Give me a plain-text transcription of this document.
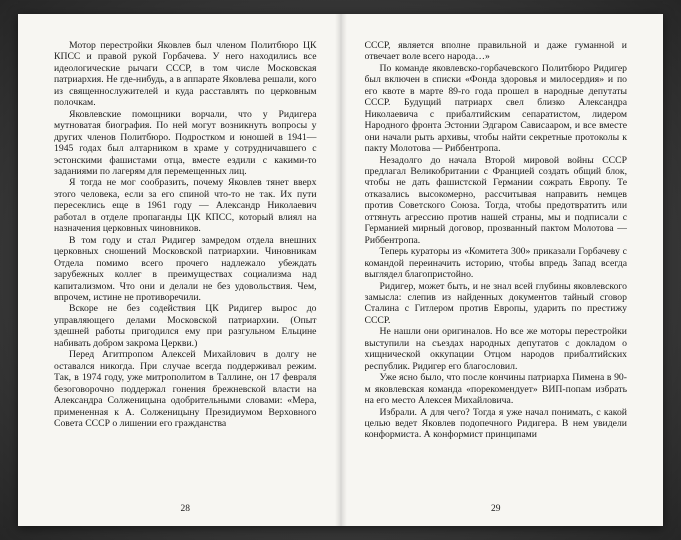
Мотор перестройки Яковлев был членом Политбюро ЦК КПСС и правой рукой Горбачева. У него находились все идеологические рычаги СССР, в том числе Московская патриархия. Не где-нибудь, а в аппарате Яковлева решали, кого из священнослужителей и куда расставлять по церковным полочкам.

Яковлевские помощники ворчали, что у Ридигера мутноватая биография. По ней могут возникнуть вопросы у других членов Политбюро. Подростком и юношей в 1941—1945 годах был алтарником в храме у сотрудничавшего с эстонскими фашистами отца, вместе ездили с какими-то заданиями по лагерям для перемещенных лиц.

Я тогда не мог сообразить, почему Яковлев тянет вверх этого человека, если за его спиной что-то не так. Их пути пересеклись еще в 1961 году — Александр Николаевич работал в отделе пропаганды ЦК КПСС, который влиял на назначения церковных чиновников.

В том году и стал Ридигер замредом отдела внешних церковных сношений Московской патриархии. Чиновникам Отдела помимо всего прочего надлежало убеждать зарубежных коллег в преимуществах социализма над капитализмом. Что они и делали не без удовольствия. Чем, впрочем, истине не противоречили.

Вскоре не без содействия ЦК Ридигер вырос до управляющего делами Московской патриархии. (Опыт здешней работы пригодился ему при разгульном Ельцине набивать добром закрома Церкви.)

Перед Агитпропом Алексей Михайлович в долгу не оставался никогда. При случае всегда поддерживал режим. Так, в 1974 году, уже митрополитом в Таллине, он 17 февраля безоговорочно поддержал гонения брежневской власти на Александра Солженицына одобрительными словами: «Мера, примененная к А. Солженицыну Президиумом Верховного Совета СССР о лишении его гражданства

28

СССР, является вполне правильной и даже гуманной и отвечает воле всего народа…»

По команде яковлевско-горбачевского Политбюро Ридигер был включен в списки «Фонда здоровья и милосердия» и по его квоте в марте 89-го года прошел в народные депутаты СССР. Будущий патриарх свел близко Александра Николаевича с прибалтийским сепаратистом, лидером Народного фронта Эстонии Эдгаром Сависааром, и все вместе они начали рыть архивы, чтобы найти секретные протоколы к пакту Молотова — Риббентропа.

Незадолго до начала Второй мировой войны СССР предлагал Великобритании с Францией создать общий блок, чтобы не дать фашистской Германии сожрать Европу. Те отказались высокомерно, рассчитывая направить немцев против Советского Союза. Тогда, чтобы предотвратить или оттянуть агрессию против нашей страны, мы и подписали с Германией мирный договор, прозванный пактом Молотова — Риббентропа.

Теперь кураторы из «Комитета 300» приказали Горбачеву с командой переиначить историю, чтобы впредь Запад всегда выглядел благопристойно.

Ридигер, может быть, и не знал всей глубины яковлевского замысла: слепив из найденных документов тайный сговор Сталина с Гитлером против Европы, ударить по престижу СССР.

Не нашли они оригиналов. Но все же моторы перестройки выступили на съездах народных депутатов с докладом о хищнической оккупации Отцом народов прибалтийских республик. Ридигер его благословил.

Уже ясно было, что после кончины патриарха Пимена в 90-м яковлевская команда «порекомендует» ВИП-попам избрать на его место Алексея Михайловича.

Избрали. А для чего? Тогда я уже начал понимать, с какой целью ведет Яковлев подопечного Ридигера. В нем увидели конформиста. А конформист принципами

29
